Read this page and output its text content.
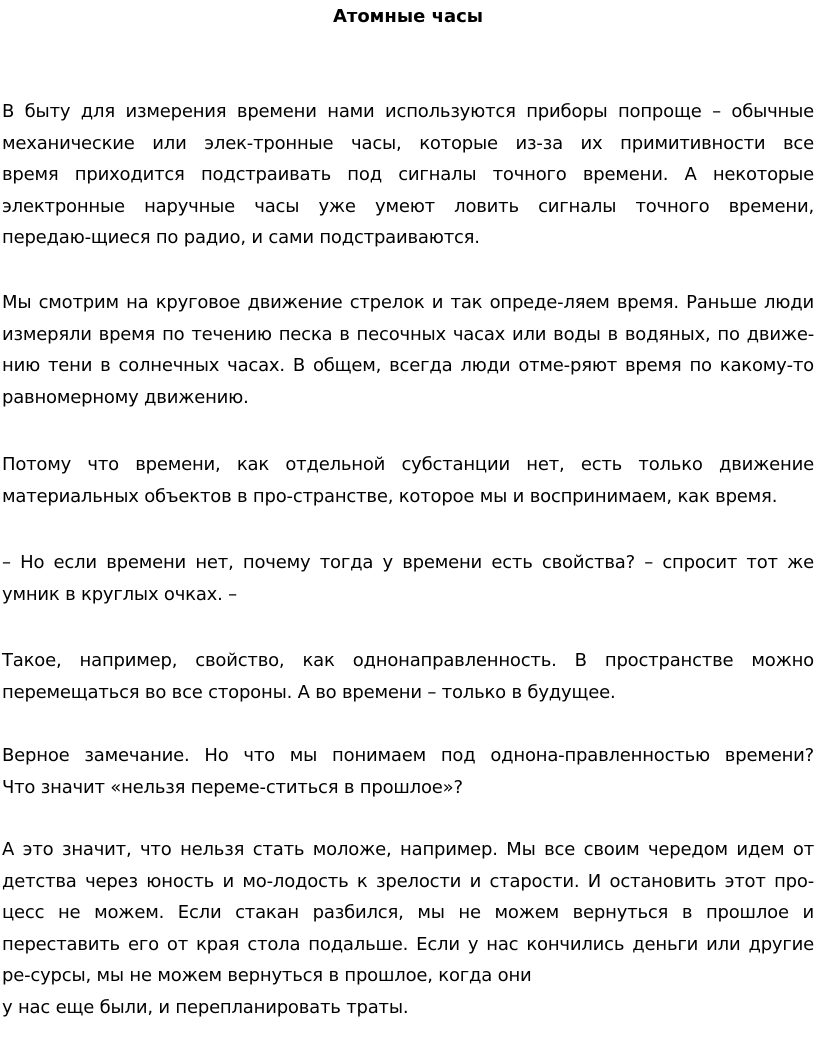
Атомные часы

В быту для измерения времени нами используются приборы попроще – обычные
механические или элек-тронные часы, которые из-за их примитивности все
время приходится подстраивать под сигналы точного времени. А некоторые
электронные наручные часы уже умеют ловить сигналы точного времени,
передаю-щиеся по радио, и сами подстраиваются.

Мы смотрим на круговое движение стрелок и так опреде-ляем время. Раньше люди
измеряли время по течению песка в песочных часах или воды в водяных, по движе-
нию тени в солнечных часах. В общем, всегда люди отме-ряют время по какому-то
равномерному движению.

Потому что времени, как отдельной субстанции нет, есть только движение
материальных объектов в про-странстве, которое мы и воспринимаем, как время.

– Но если времени нет, почему тогда у времени есть свойства? – спросит тот же
умник в круглых очках. –

Такое, например, свойство, как однонаправленность. В пространстве можно
перемещаться во все стороны. А во времени – только в будущее.

Верное замечание. Но что мы понимаем под однона-правленностью времени?
Что значит «нельзя переме-ститься в прошлое»?

А это значит, что нельзя стать моложе, например. Мы все своим чередом идем от
детства через юность и мо-лодость к зрелости и старости. И остановить этот про-
цесс не можем. Если стакан разбился, мы не можем вернуться в прошлое и
переставить его от края стола подальше. Если у нас кончились деньги или другие
ре-сурсы, мы не можем вернуться в прошлое, когда они
у нас еще были, и перепланировать траты.
